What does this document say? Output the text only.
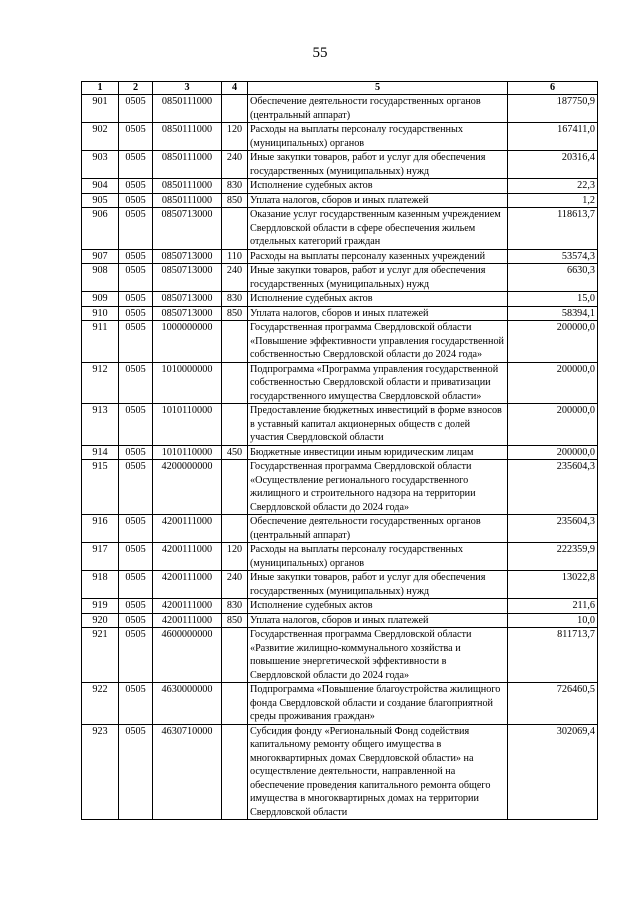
55
1	2	3	4	5	6
901	0505	0850111000		Обеспечение деятельности государственных органов (центральный аппарат)	187750,9
902	0505	0850111000	120	Расходы на выплаты персоналу государственных (муниципальных) органов	167411,0
903	0505	0850111000	240	Иные закупки товаров, работ и услуг для обеспечения государственных (муниципальных) нужд	20316,4
904	0505	0850111000	830	Исполнение судебных актов	22,3
905	0505	0850111000	850	Уплата налогов, сборов и иных платежей	1,2
906	0505	0850713000		Оказание услуг государственным казенным учреждением Свердловской области в сфере обеспечения жильем отдельных категорий граждан	118613,7
907	0505	0850713000	110	Расходы на выплаты персоналу казенных учреждений	53574,3
908	0505	0850713000	240	Иные закупки товаров, работ и услуг для обеспечения государственных (муниципальных) нужд	6630,3
909	0505	0850713000	830	Исполнение судебных актов	15,0
910	0505	0850713000	850	Уплата налогов, сборов и иных платежей	58394,1
911	0505	1000000000		Государственная программа Свердловской области «Повышение эффективности управления государственной собственностью Свердловской области до 2024 года»	200000,0
912	0505	1010000000		Подпрограмма «Программа управления государственной собственностью Свердловской области и приватизации государственного имущества Свердловской области»	200000,0
913	0505	1010110000		Предоставление бюджетных инвестиций в форме взносов в уставный капитал акционерных обществ с долей участия Свердловской области	200000,0
914	0505	1010110000	450	Бюджетные инвестиции иным юридическим лицам	200000,0
915	0505	4200000000		Государственная программа Свердловской области «Осуществление регионального государственного жилищного и строительного надзора на территории Свердловской области до 2024 года»	235604,3
916	0505	4200111000		Обеспечение деятельности государственных органов (центральный аппарат)	235604,3
917	0505	4200111000	120	Расходы на выплаты персоналу государственных (муниципальных) органов	222359,9
918	0505	4200111000	240	Иные закупки товаров, работ и услуг для обеспечения государственных (муниципальных) нужд	13022,8
919	0505	4200111000	830	Исполнение судебных актов	211,6
920	0505	4200111000	850	Уплата налогов, сборов и иных платежей	10,0
921	0505	4600000000		Государственная программа Свердловской области «Развитие жилищно-коммунального хозяйства и повышение энергетической эффективности в Свердловской области до 2024 года»	811713,7
922	0505	4630000000		Подпрограмма «Повышение благоустройства жилищного фонда Свердловской области и создание благоприятной среды проживания граждан»	726460,5
923	0505	4630710000		Субсидия фонду «Региональный Фонд содействия капитальному ремонту общего имущества в многоквартирных домах Свердловской области» на осуществление деятельности, направленной на обеспечение проведения капитального ремонта общего имущества в многоквартирных домах на территории Свердловской области	302069,4
